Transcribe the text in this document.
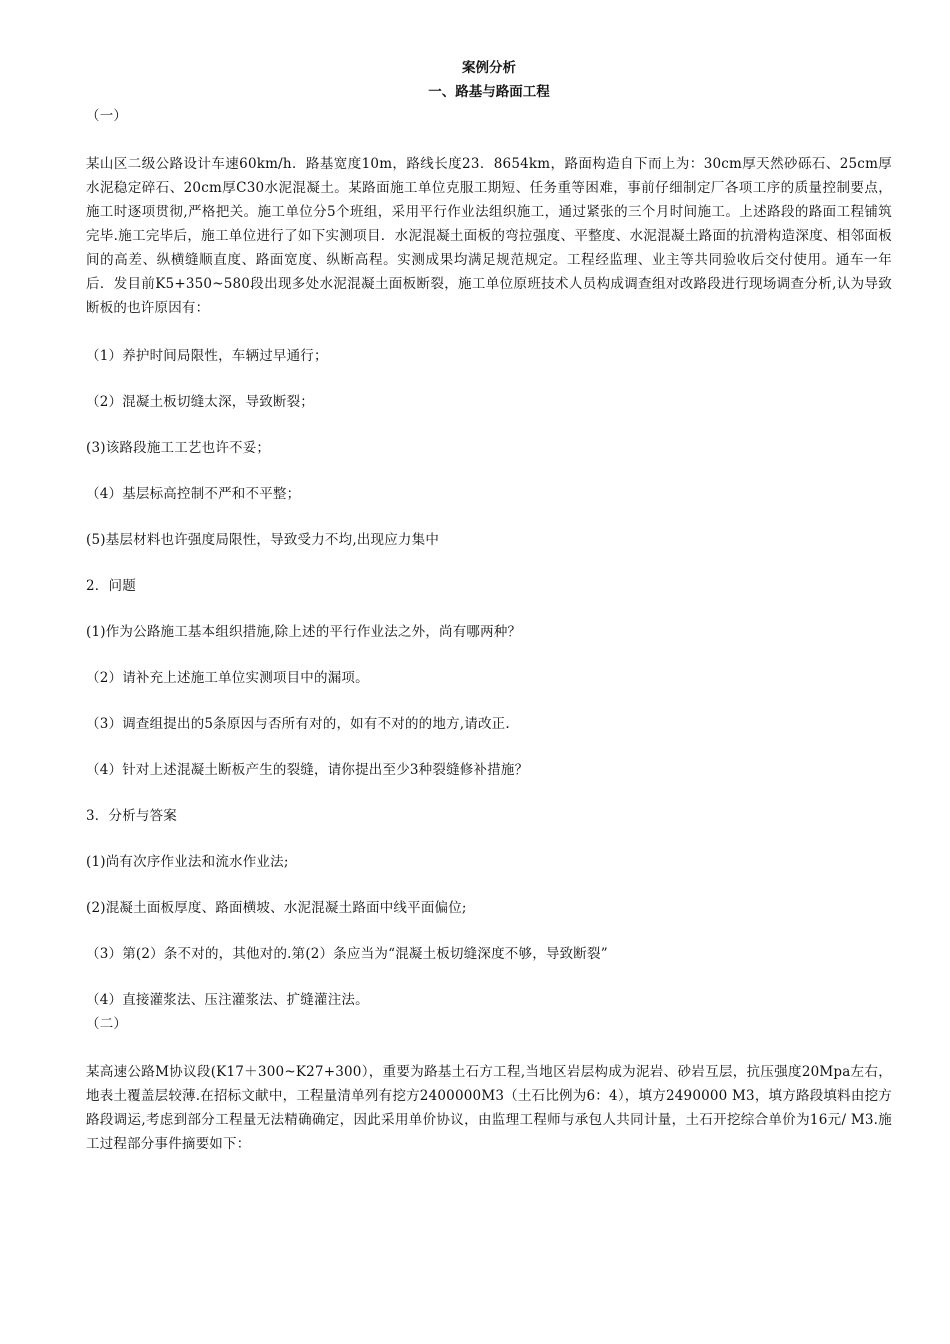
案例分析
一、路基与路面工程

（一）

某山区二级公路设计车速60km/h．路基宽度10m，路线长度23．8654km，路面构造自下而上为：30cm厚天然砂砾石、25cm厚水泥稳定碎石、20cm厚C30水泥混凝土。某路面施工单位克服工期短、任务重等困难，事前仔细制定厂各项工序的质量控制要点，施工时逐项贯彻,严格把关。施工单位分5个班组，采用平行作业法组织施工，通过紧张的三个月时间施工。上述路段的路面工程铺筑完毕.施工完毕后，施工单位进行了如下实测项目．水泥混凝土面板的弯拉强度、平整度、水泥混凝土路面的抗滑构造深度、相邻面板间的高差、纵横缝顺直度、路面宽度、纵断高程。实测成果均满足规范规定。工程经监理、业主等共同验收后交付使用。通车一年后．发目前K5+350~580段出现多处水泥混凝土面板断裂，施工单位原班技术人员构成调查组对改路段进行现场调查分析,认为导致断板的也许原因有：

（1）养护时间局限性，车辆过早通行；

（2）混凝土板切缝太深，导致断裂；

(3)该路段施工工艺也许不妥；

（4）基层标高控制不严和不平整；

(5)基层材料也许强度局限性，导致受力不均,出现应力集中

2．问题

(1)作为公路施工基本组织措施,除上述的平行作业法之外，尚有哪两种？

（2）请补充上述施工单位实测项目中的漏项。

（3）调查组提出的5条原因与否所有对的，如有不对的的地方,请改正.

（4）针对上述混凝土断板产生的裂缝，请你提出至少3种裂缝修补措施？

3．分析与答案

(1)尚有次序作业法和流水作业法;

(2)混凝土面板厚度、路面横坡、水泥混凝土路面中线平面偏位;

（3）第(2）条不对的，其他对的.第(2）条应当为“混凝土板切缝深度不够，导致断裂”

（4）直接灌浆法、压注灌浆法、扩缝灌注法。

（二）

某高速公路M协议段(K17＋300~K27+300），重要为路基土石方工程,当地区岩层构成为泥岩、砂岩互层，抗压强度20Mpa左右，地表土覆盖层较薄.在招标文献中，工程量清单列有挖方2400000M3（土石比例为6：4），填方2490000 M3，填方路段填料由挖方路段调运,考虑到部分工程量无法精确确定，因此采用单价协议，由监理工程师与承包人共同计量，土石开挖综合单价为16元/ M3.施工过程部分事件摘要如下：
